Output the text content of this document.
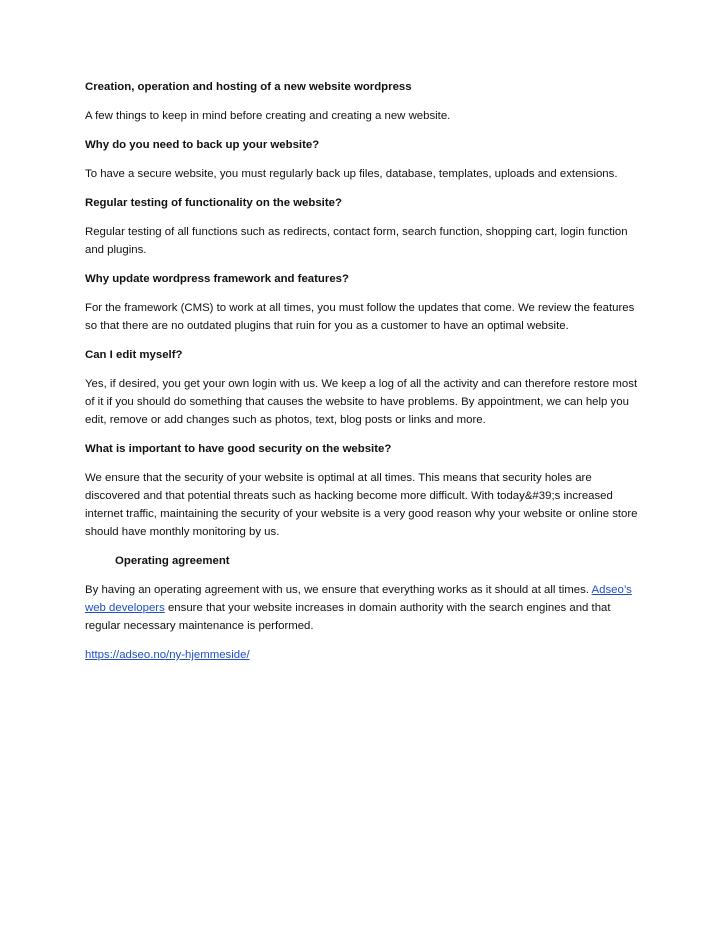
Creation, operation and hosting of a new website wordpress

A few things to keep in mind before creating and creating a new website.

Why do you need to back up your website?

To have a secure website, you must regularly back up files, database, templates, uploads and extensions.

Regular testing of functionality on the website?

Regular testing of all functions such as redirects, contact form, search function, shopping cart, login function and plugins.

Why update wordpress framework and features?

For the framework (CMS) to work at all times, you must follow the updates that come. We review the features so that there are no outdated plugins that ruin for you as a customer to have an optimal website.

Can I edit myself?

Yes, if desired, you get your own login with us. We keep a log of all the activity and can therefore restore most of it if you should do something that causes the website to have problems. By appointment, we can help you edit, remove or add changes such as photos, text, blog posts or links and more.

What is important to have good security on the website?

We ensure that the security of your website is optimal at all times. This means that security holes are discovered and that potential threats such as hacking become more difficult. With today&#39;s increased internet traffic, maintaining the security of your website is a very good reason why your website or online store should have monthly monitoring by us.

Operating agreement

By having an operating agreement with us, we ensure that everything works as it should at all times. Adseo’s web developers ensure that your website increases in domain authority with the search engines and that regular necessary maintenance is performed.

https://adseo.no/ny-hjemmeside/
